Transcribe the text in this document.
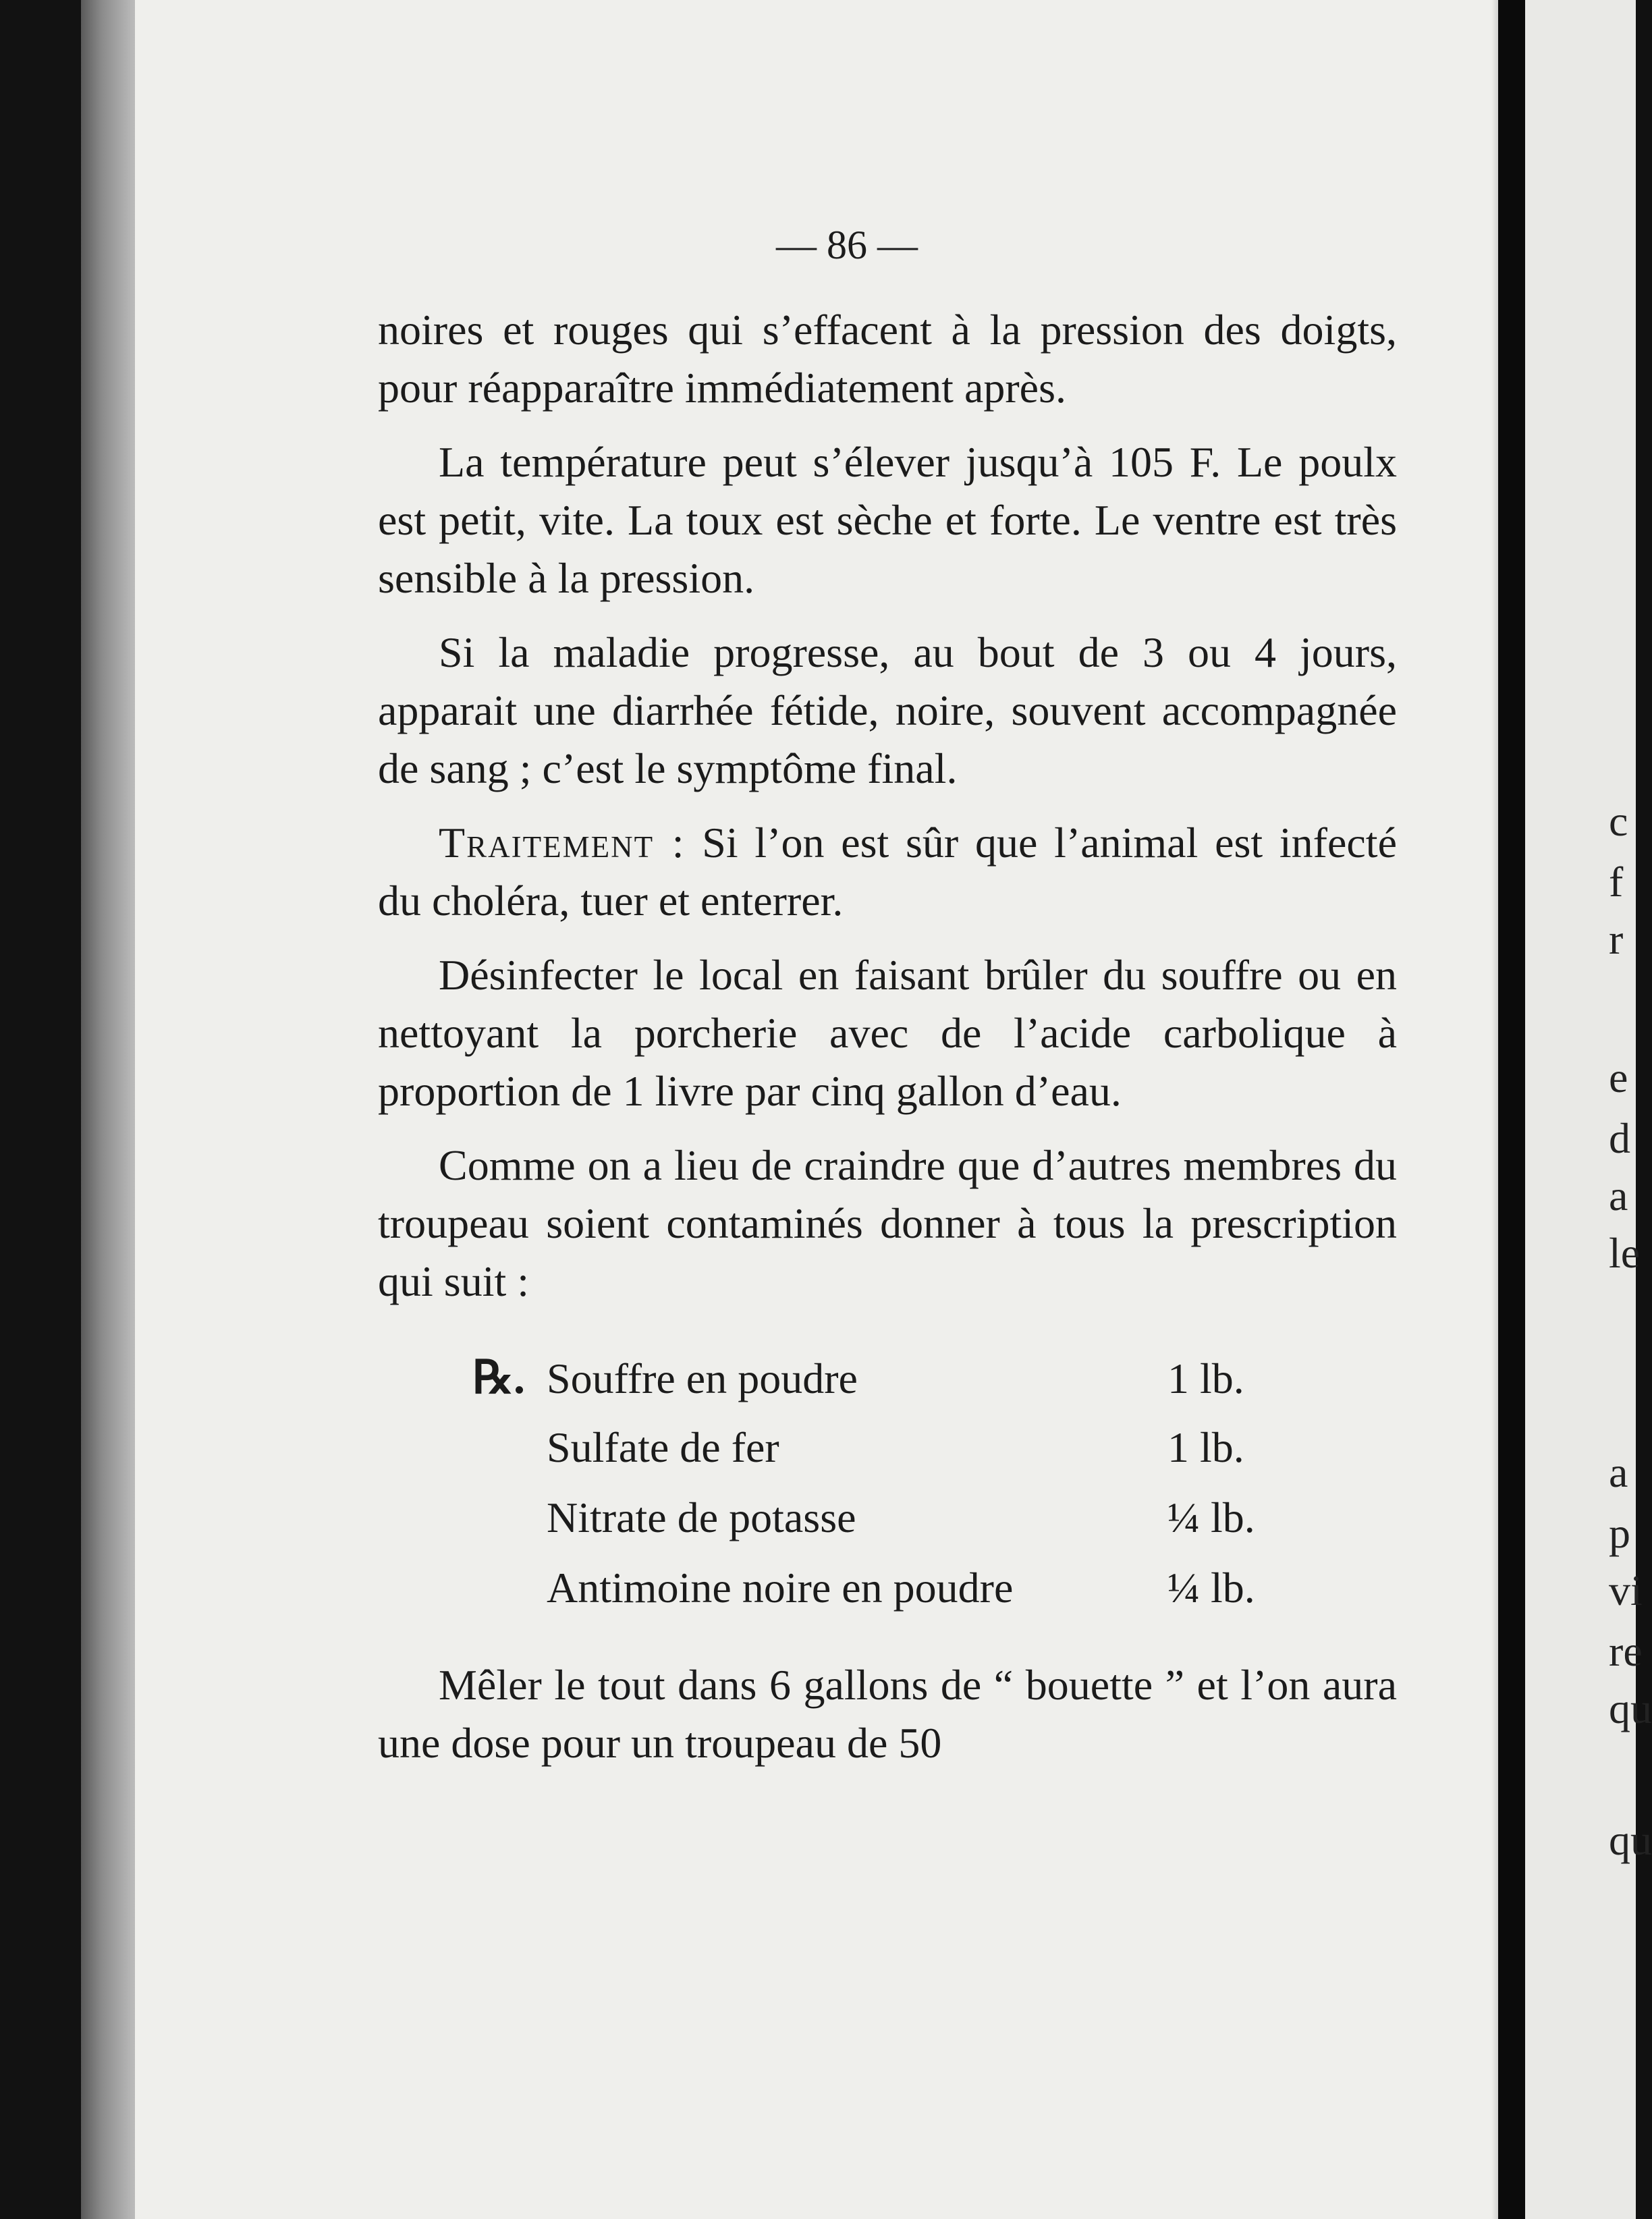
— 86 —

noires et rouges qui s’effacent à la pression des doigts, pour réapparaître immédiatement après.

La température peut s’élever jusqu’à 105 F. Le poulx est petit, vite. La toux est sèche et forte. Le ventre est très sensible à la pression.

Si la maladie progresse, au bout de 3 ou 4 jours, apparait une diarrhée fétide, noire, souvent accompagnée de sang ; c’est le symptôme final.

Traitement : Si l’on est sûr que l’animal est infecté du choléra, tuer et enterrer.

Désinfecter le local en faisant brûler du souffre ou en nettoyant la porcherie avec de l’acide carbolique à proportion de 1 livre par cinq gallon d’eau.

Comme on a lieu de craindre que d’autres membres du troupeau soient contaminés donner à tous la prescription qui suit :

℞. Souffre en poudre	1 lb.
Sulfate de fer	1 lb.
Nitrate de potasse	¼ lb.
Antimoine noire en poudre	¼ lb.

Mêler le tout dans 6 gallons de “ bouette ” et l’on aura une dose pour un troupeau de 50

c
f
r
e
d
a
le
a
p
vi
re
qu
qu
